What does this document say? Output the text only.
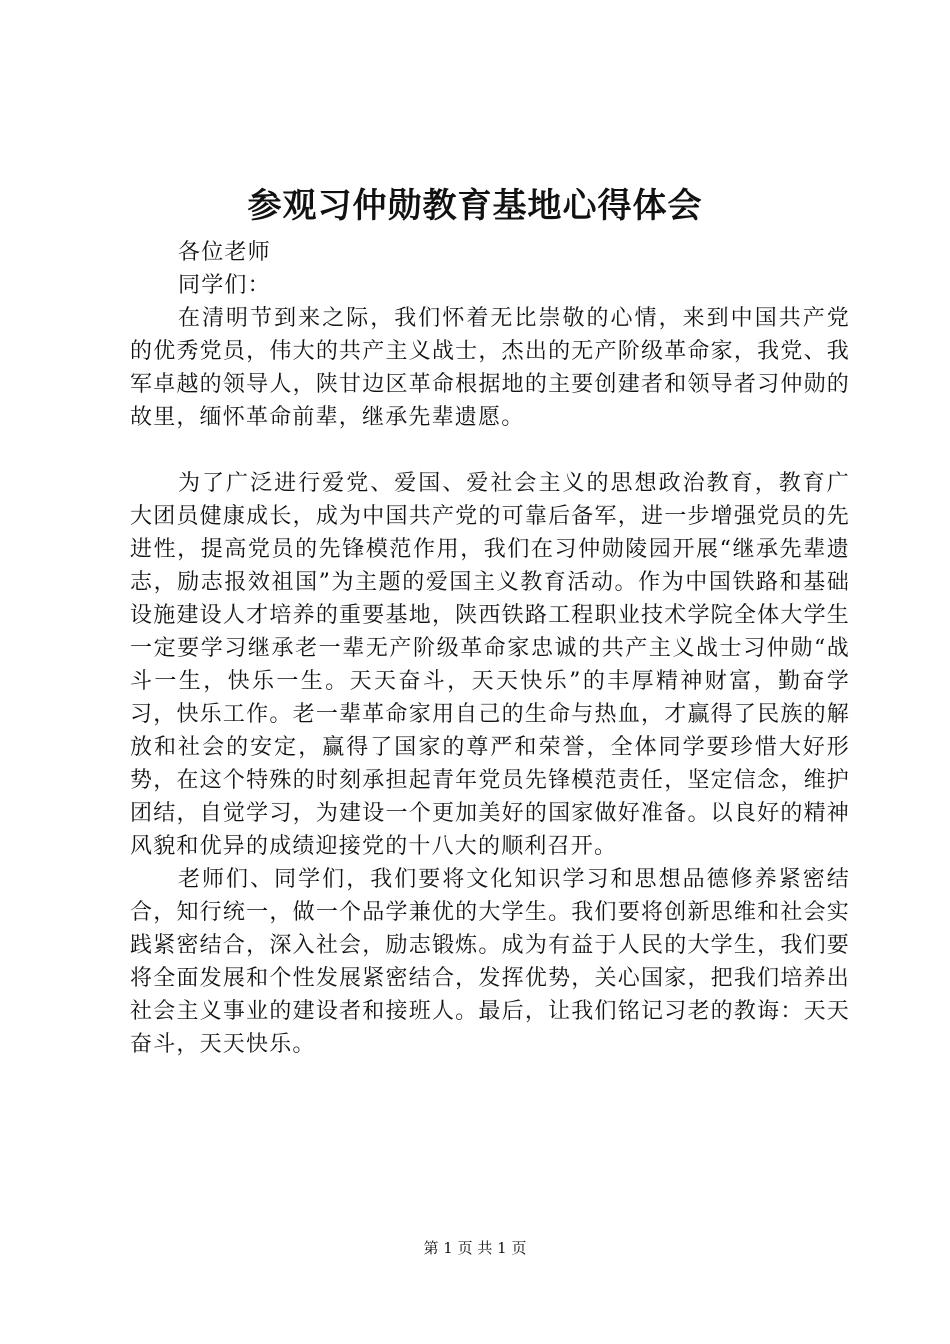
参观习仲勋教育基地心得体会

各位老师

同学们：

在清明节到来之际，我们怀着无比崇敬的心情，来到中国共产党的优秀党员，伟大的共产主义战士，杰出的无产阶级革命家，我党、我军卓越的领导人，陕甘边区革命根据地的主要创建者和领导者习仲勋的故里，缅怀革命前辈，继承先辈遗愿。

为了广泛进行爱党、爱国、爱社会主义的思想政治教育，教育广大团员健康成长，成为中国共产党的可靠后备军，进一步增强党员的先进性，提高党员的先锋模范作用，我们在习仲勋陵园开展“继承先辈遗志，励志报效祖国”为主题的爱国主义教育活动。作为中国铁路和基础设施建设人才培养的重要基地，陕西铁路工程职业技术学院全体大学生一定要学习继承老一辈无产阶级革命家忠诚的共产主义战士习仲勋“战斗一生，快乐一生。天天奋斗，天天快乐”的丰厚精神财富，勤奋学习，快乐工作。老一辈革命家用自己的生命与热血，才赢得了民族的解放和社会的安定，赢得了国家的尊严和荣誉，全体同学要珍惜大好形势，在这个特殊的时刻承担起青年党员先锋模范责任，坚定信念，维护团结，自觉学习，为建设一个更加美好的国家做好准备。以良好的精神风貌和优异的成绩迎接党的十八大的顺利召开。

老师们、同学们，我们要将文化知识学习和思想品德修养紧密结合，知行统一，做一个品学兼优的大学生。我们要将创新思维和社会实践紧密结合，深入社会，励志锻炼。成为有益于人民的大学生，我们要将全面发展和个性发展紧密结合，发挥优势，关心国家，把我们培养出社会主义事业的建设者和接班人。最后，让我们铭记习老的教诲：天天奋斗，天天快乐。

第 1 页 共 1 页
